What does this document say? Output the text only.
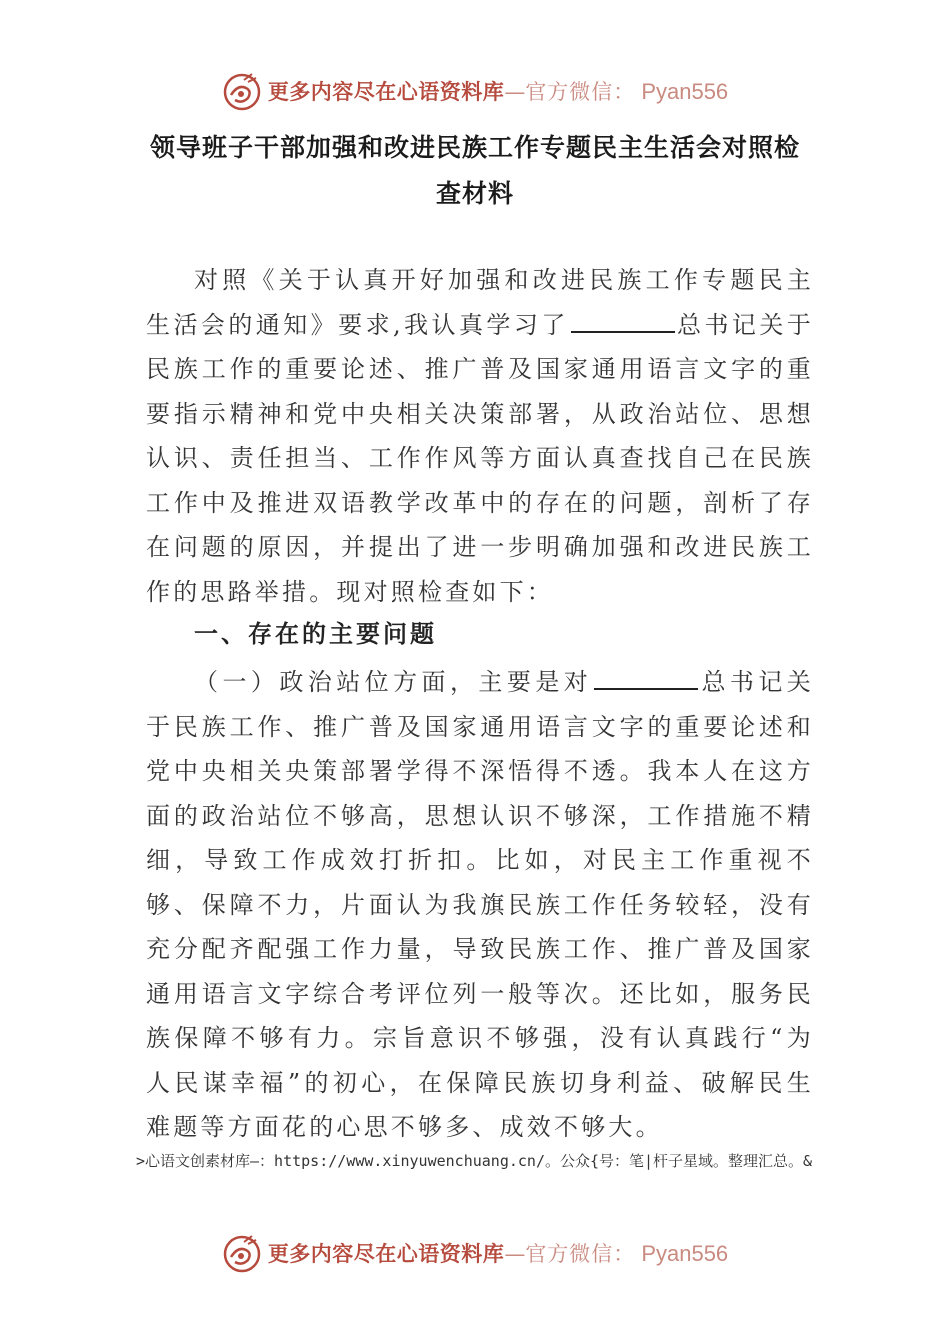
更多内容尽在心语资料库 — 官方微信： Pyan556
领导班子干部加强和改进民族工作专题民主生活会对照检
查材料

对照《关于认真开好加强和改进民族工作专题民主生活会的通知》要求,我认真学习了	总书记关于民族工作的重要论述、推广普及国家通用语言文字的重要指示精神和党中央相关决策部署，从政治站位、思想认识、责任担当、工作作风等方面认真查找自己在民族工作中及推进双语教学改革中的存在的问题，剖析了存在问题的原因，并提出了进一步明确加强和改进民族工作的思路举措。现对照检查如下：

一、存在的主要问题

（一）政治站位方面，主要是对	总书记关于民族工作、推广普及国家通用语言文字的重要论述和党中央相关央策部署学得不深悟得不透。我本人在这方面的政治站位不够高，思想认识不够深，工作措施不精细，导致工作成效打折扣。比如，对民主工作重视不够、保障不力，片面认为我旗民族工作任务较轻，没有充分配齐配强工作力量，导致民族工作、推广普及国家通用语言文字综合考评位列一般等次。还比如，服务民族保障不够有力。宗旨意识不够强，没有认真践行“为人民谋幸福”的初心，在保障民族切身利益、破解民生难题等方面花的心思不够多、成效不够大。

>心语文创素材库—：https://www.xinyuwenchuang.cn/。公众{号：笔|杆子星域。整理汇总。&
更多内容尽在心语资料库 — 官方微信： Pyan556
